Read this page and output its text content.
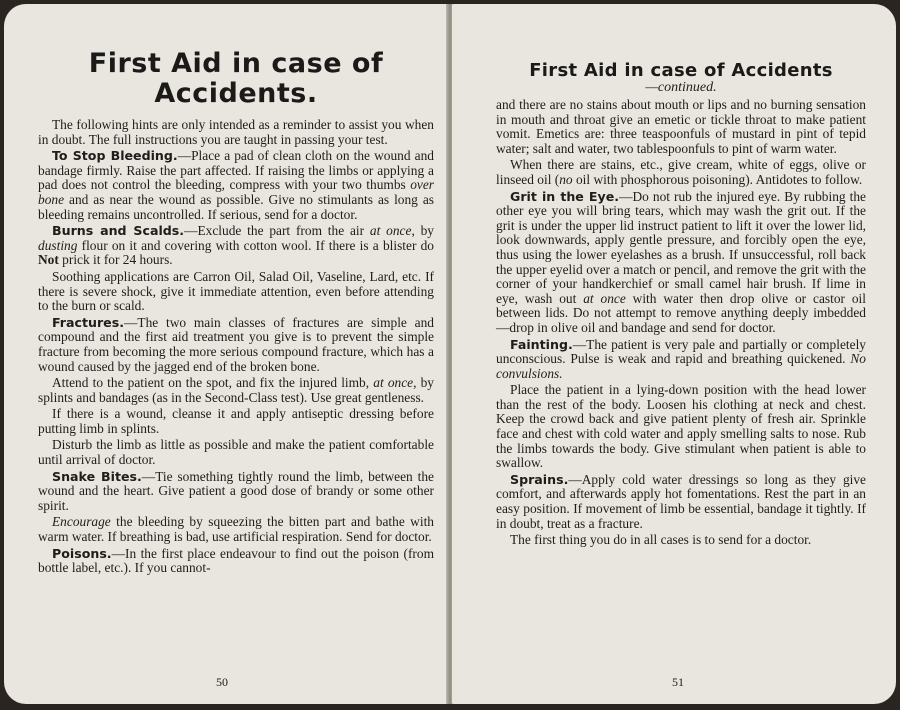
First Aid in case of
Accidents.

The following hints are only intended as a reminder to assist you when in doubt. The full instructions you are taught in passing your test.

To Stop Bleeding.—Place a pad of clean cloth on the wound and bandage firmly. Raise the part affected. If raising the limbs or applying a pad does not control the bleeding, compress with your two thumbs over bone and as near the wound as possible. Give no stimulants as long as bleeding remains uncontrolled. If serious, send for a doctor.

Burns and Scalds.—Exclude the part from the air at once, by dusting flour on it and covering with cotton wool. If there is a blister do Not prick it for 24 hours.

Soothing applications are Carron Oil, Salad Oil, Vaseline, Lard, etc. If there is severe shock, give it immediate attention, even before attending to the burn or scald.

Fractures.—The two main classes of fractures are simple and compound and the first aid treatment you give is to prevent the simple fracture from becoming the more serious compound fracture, which has a wound caused by the jagged end of the broken bone.

Attend to the patient on the spot, and fix the injured limb, at once, by splints and bandages (as in the Second-Class test). Use great gentleness.

If there is a wound, cleanse it and apply antiseptic dressing before putting limb in splints.

Disturb the limb as little as possible and make the patient comfortable until arrival of doctor.

Snake Bites.—Tie something tightly round the limb, between the wound and the heart. Give patient a good dose of brandy or some other spirit.

Encourage the bleeding by squeezing the bitten part and bathe with warm water. If breathing is bad, use artificial respiration. Send for doctor.

Poisons.—In the first place endeavour to find out the poison (from bottle label, etc.). If you cannot-

50
First Aid in case of Accidents
—continued.

and there are no stains about mouth or lips and no burning sensation in mouth and throat give an emetic or tickle throat to make patient vomit. Emetics are: three teaspoonfuls of mustard in pint of tepid water; salt and water, two tablespoonfuls to pint of warm water.

When there are stains, etc., give cream, white of eggs, olive or linseed oil (no oil with phosphorous poisoning). Antidotes to follow.

Grit in the Eye.—Do not rub the injured eye. By rubbing the other eye you will bring tears, which may wash the grit out. If the grit is under the upper lid instruct patient to lift it over the lower lid, look downwards, apply gentle pressure, and forcibly open the eye, thus using the lower eyelashes as a brush. If unsuccessful, roll back the upper eyelid over a match or pencil, and remove the grit with the corner of your handkerchief or small camel hair brush. If lime in eye, wash out at once with water then drop olive or castor oil between lids. Do not attempt to remove anything deeply imbedded—drop in olive oil and bandage and send for doctor.

Fainting.—The patient is very pale and partially or completely unconscious. Pulse is weak and rapid and breathing quickened. No convulsions.

Place the patient in a lying-down position with the head lower than the rest of the body. Loosen his clothing at neck and chest. Keep the crowd back and give patient plenty of fresh air. Sprinkle face and chest with cold water and apply smelling salts to nose. Rub the limbs towards the body. Give stimulant when patient is able to swallow.

Sprains.—Apply cold water dressings so long as they give comfort, and afterwards apply hot fomentations. Rest the part in an easy position. If movement of limb be essential, bandage it tightly. If in doubt, treat as a fracture.

The first thing you do in all cases is to send for a doctor.

51
